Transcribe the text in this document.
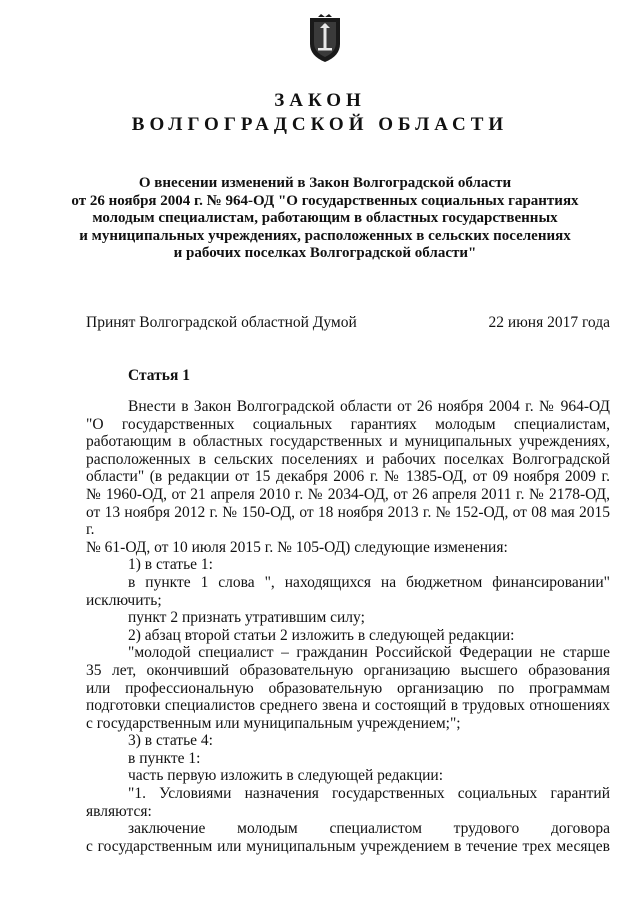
ЗАКОН
ВОЛГОГРАДСКОЙ ОБЛАСТИ
О внесении изменений в Закон Волгоградской области
от 26 ноября 2004 г. № 964-ОД "О государственных социальных гарантиях
молодым специалистам, работающим в областных государственных
и муниципальных учреждениях, расположенных в сельских поселениях
и рабочих поселках Волгоградской области"
Принят Волгоградской областной Думой	22 июня 2017 года
Статья 1

Внести в Закон Волгоградской области от 26 ноября 2004 г. № 964-ОД

"О государственных социальных гарантиях молодым специалистам,

работающим в областных государственных и муниципальных учреждениях,

расположенных в сельских поселениях и рабочих поселках Волгоградской

области" (в редакции от 15 декабря 2006 г. № 1385-ОД, от 09 ноября 2009 г.

№ 1960-ОД, от 21 апреля 2010 г. № 2034-ОД, от 26 апреля 2011 г. № 2178-ОД,

от 13 ноября 2012 г. № 150-ОД, от 18 ноября 2013 г. № 152-ОД, от 08 мая 2015 г.

№ 61-ОД, от 10 июля 2015 г. № 105-ОД) следующие изменения:

1) в статье 1:

в пункте 1 слова ", находящихся на бюджетном финансировании"

исключить;

пункт 2 признать утратившим силу;

2) абзац второй статьи 2 изложить в следующей редакции:

"молодой специалист – гражданин Российской Федерации не старше

35 лет, окончивший образовательную организацию высшего образования

или профессиональную образовательную организацию по программам

подготовки специалистов среднего звена и состоящий в трудовых отношениях

с государственным или муниципальным учреждением;";

3) в статье 4:

в пункте 1:

часть первую изложить в следующей редакции:

"1. Условиями назначения государственных социальных гарантий

являются:

заключение молодым специалистом трудового договора

с государственным или муниципальным учреждением в течение трех месяцев
